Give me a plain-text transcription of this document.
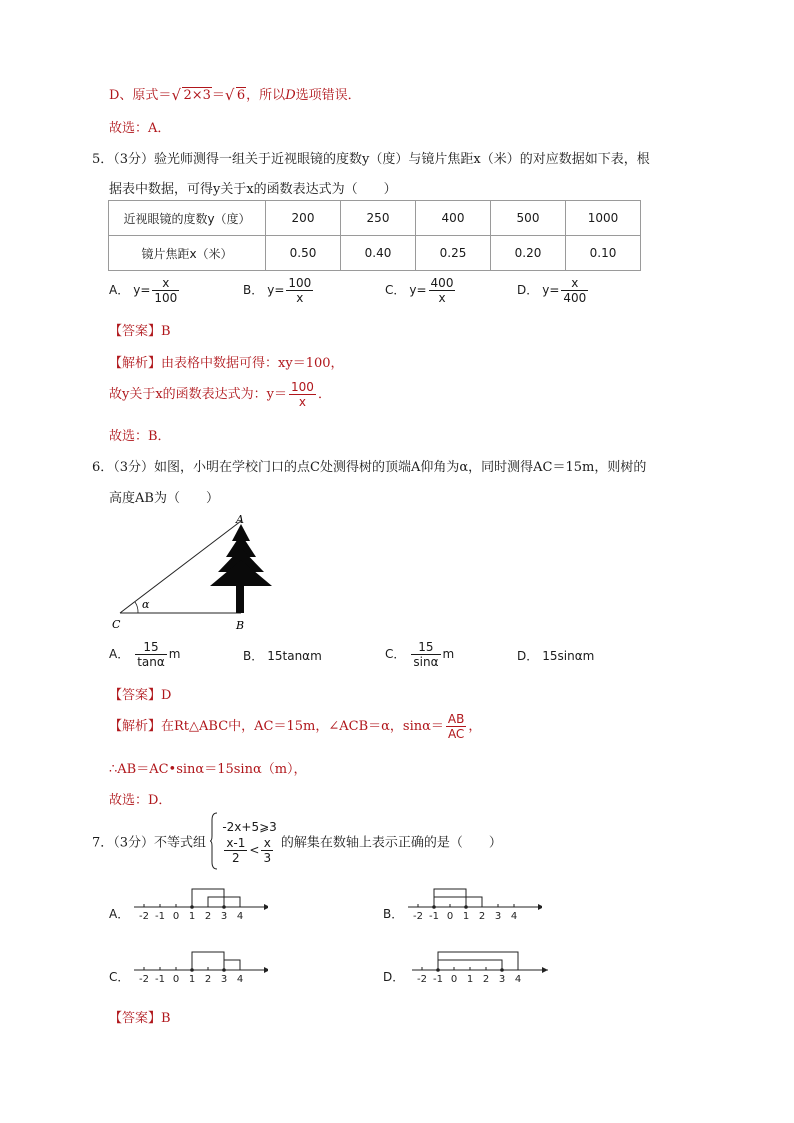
D、原式＝ √ 2×3＝ √ 6，所以D选项错误．
故选：A．
5．（3分）验光师测得一组关于近视眼镜的度数y（度）与镜片焦距x（米）的对应数据如下表，根
据表中数据，可得y关于x的函数表达式为（　　）
近视眼镜的度数y（度）	200	250	400	500	1000
镜片焦距x（米）	0.50	0.40	0.25	0.20	0.10
A． $y= \frac{x}{100}$	B． $y= \frac{100}{x}$	C． $y= \frac{400}{x}$	D． $y= \frac{x}{400}$
【答案】B
【解析】由表格中数据可得：xy＝100，
故y关于x的函数表达式为：$y= \frac{100}{x}$ ．
故选：B．
6．（3分）如图，小明在学校门口的点C处测得树的顶端A仰角为α，同时测得AC＝15m，则树的
高度AB为（　　）
A
B
C
α
A． $\frac{15}{\tan\alpha}$ m	B． 15tanαm	C． $\frac{15}{\sin\alpha}$ m	D． 15sinαm
【答案】D
【解析】在Rt△ABC中，AC＝15m，∠ACB＝α，$\sin\alpha= \frac{AB}{AC}$ ，
∴AB＝AC•sinα＝15sinα（m），
故选：D．
7．（3分）不等式组
-2x+5⩾3
$\frac{x-1}{2} < \frac{x}{3}$ 的解集在数轴上表示正确的是（　　）
A． -2 -1 0 1 2 3 4	B． -2 -1 0 1 2 3 4
C． -2 -1 0 1 2 3 4	D． -2 -1 0 1 2 3 4
【答案】B
